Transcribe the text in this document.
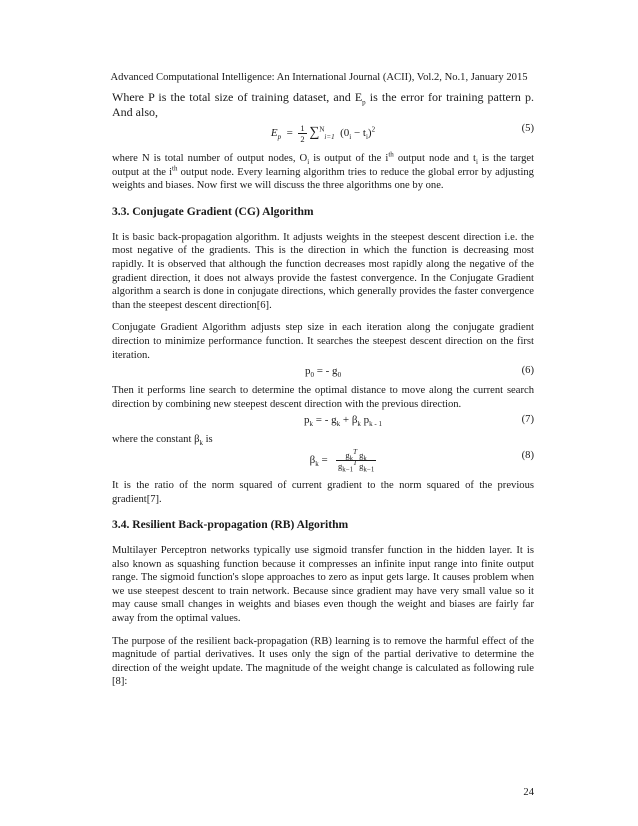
Advanced Computational Intelligence: An International Journal (ACII), Vol.2, No.1, January 2015

Where P is the total size of training dataset, and $E_p$ is the error for training pattern p. And also,

$E_p = \frac{1}{2} \sum^N_{i=1}$ $(0_i - t_i)^2$	(5)

where N is total number of output nodes, $O_i$ is output of the $i^{th}$ output node and $t_i$ is the target output at the $i^{th}$ output node. Every learning algorithm tries to reduce the global error by adjusting weights and biases. Now first we will discuss the three algorithms one by one.

3.3. Conjugate Gradient (CG) Algorithm

It is basic back-propagation algorithm. It adjusts weights in the steepest descent direction i.e. the most negative of the gradients. This is the direction in which the function is decreasing most rapidly. It is observed that although the function decreases most rapidly along the negative of the gradient direction, it does not always provide the fastest convergence. In the Conjugate Gradient algorithm a search is done in conjugate directions, which generally provides the faster convergence than the steepest descent direction[6].

Conjugate Gradient Algorithm adjusts step size in each iteration along the conjugate gradient direction to minimize performance function. It searches the steepest descent direction on the first iteration.

$p_0$ = - $g_0$	(6)

Then it performs line search to determine the optimal distance to move along the current search direction by combining new steepest descent direction with the previous direction.

$p_k$ = - $g_k + \beta_k$ $p_{k - 1}$	(7)

where the constant $\beta_k$ is

$\beta_k = \frac{g_k^T g_k}{g_{k-1}^T g_{k-1}}$	(8)

It is the ratio of the norm squared of current gradient to the norm squared of the previous gradient[7].

3.4. Resilient Back-propagation (RB) Algorithm

Multilayer Perceptron networks typically use sigmoid transfer function in the hidden layer. It is also known as squashing function because it compresses an infinite input range into finite output range. The sigmoid function's slope approaches to zero as input gets large. It causes problem when we use steepest descent to train network. Because since gradient may have very small value so it may cause small changes in weights and biases even though the weight and biases are fairly far away from the optimal values.

The purpose of the resilient back-propagation (RB) learning is to remove the harmful effect of the magnitude of partial derivatives. It uses only the sign of the partial derivative to determine the direction of the weight update. The magnitude of the weight change is calculated as following rule [8]:

24
